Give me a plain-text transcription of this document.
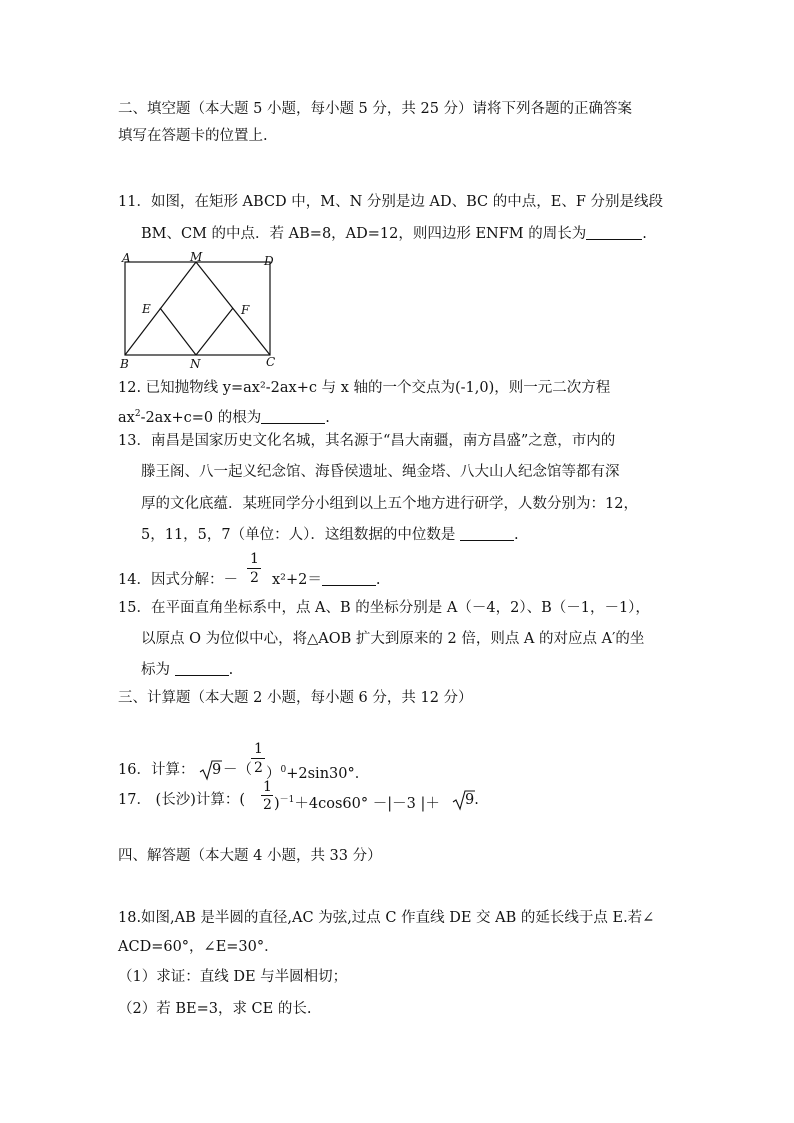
二、填空题（本大题 5 小题，每小题 5 分，共 25 分）请将下列各题的正确答案
填写在答题卡的位置上.
11．如图，在矩形 ABCD 中，M、N 分别是边 AD、BC 的中点，E、F 分别是线段
BM、CM 的中点．若 AB=8，AD=12，则四边形 ENFM 的周长为	.
A	M	D
E	F
B	N	C
12. 已知抛物线 y=ax²-2ax+c 与 x 轴的一个交点为(-1,0)，则一元二次方程
$ax^2-2ax+c=0$ 的根为	.
13．南昌是国家历史文化名城，其名源于“昌大南疆，南方昌盛”之意，市内的
滕王阁、八一起义纪念馆、海昏侯遗址、绳金塔、八大山人纪念馆等都有深
厚的文化底蕴．某班同学分小组到以上五个地方进行研学，人数分别为：12，
5，11，5，7（单位：人）．这组数据的中位数是	.
14．因式分解：－
1
2 x²+2＝	.
15．在平面直角坐标系中，点 A、B 的坐标分别是 A（－4，2）、B（－1，－1），
以原点 O 为位似中心，将△AOB 扩大到原来的 2 倍，则点 A 的对应点 A′的坐
标为	.
三、计算题（本大题 2 小题，每小题 6 分，共 12 分）
16．计算： 9 －（
1
2 ）$^0$+2sin30°．
17． (长沙)计算：(
1
2 )$^{-1}$＋4cos60° －|－3 |＋ 9.
四、解答题（本大题 4 小题，共 33 分）
18.如图,AB 是半圆的直径,AC 为弦,过点 C 作直线 DE 交 AB 的延长线于点 E.若∠
ACD=60°，∠E=30°．
（1）求证：直线 DE 与半圆相切；
（2）若 BE=3，求 CE 的长.
